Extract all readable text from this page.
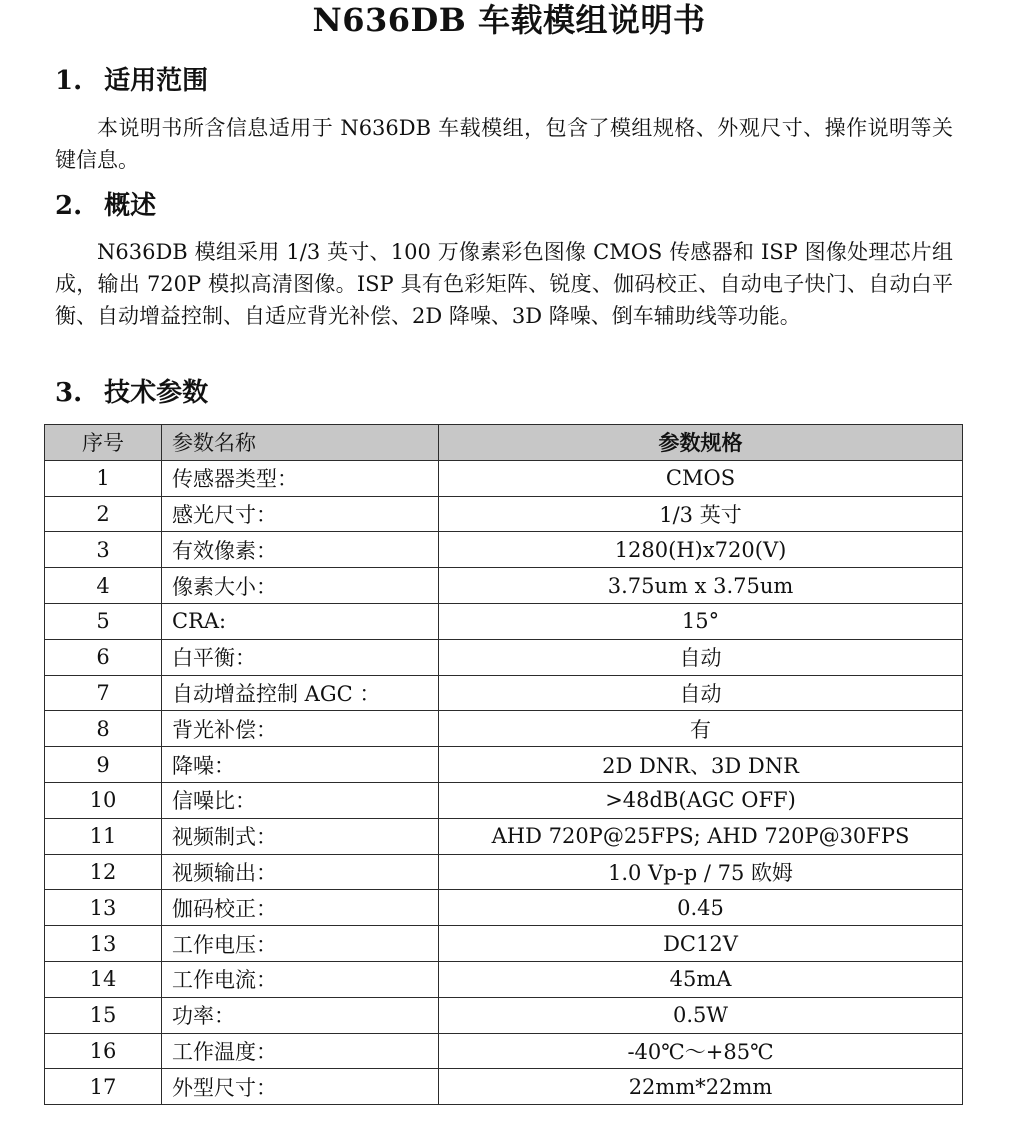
N636DB 车载模组说明书
1. 适用范围
本说明书所含信息适用于 N636DB 车载模组，包含了模组规格、外观尺寸、操作说明等关键信息。
2. 概述
N636DB 模组采用 1/3 英寸、100 万像素彩色图像 CMOS 传感器和 ISP 图像处理芯片组成，输出 720P 模拟高清图像。ISP 具有色彩矩阵、锐度、伽码校正、自动电子快门、自动白平衡、自动增益控制、自适应背光补偿、2D 降噪、3D 降噪、倒车辅助线等功能。
3. 技术参数
序号	参数名称	参数规格
1	传感器类型：	CMOS
2	感光尺寸：	1/3 英寸
3	有效像素：	1280(H)x720(V)
4	像素大小：	3.75um x 3.75um
5	CRA:	15°
6	白平衡：	自动
7	自动增益控制 AGC ：	自动
8	背光补偿：	有
9	降噪：	2D DNR、3D DNR
10	信噪比：	>48dB(AGC OFF)
11	视频制式：	AHD 720P@25FPS; AHD 720P@30FPS
12	视频输出：	1.0 Vp-p / 75 欧姆
13	伽码校正：	0.45
13	工作电压：	DC12V
14	工作电流：	45mA
15	功率：	0.5W
16	工作温度：	-40℃～+85℃
17	外型尺寸：	22mm*22mm
